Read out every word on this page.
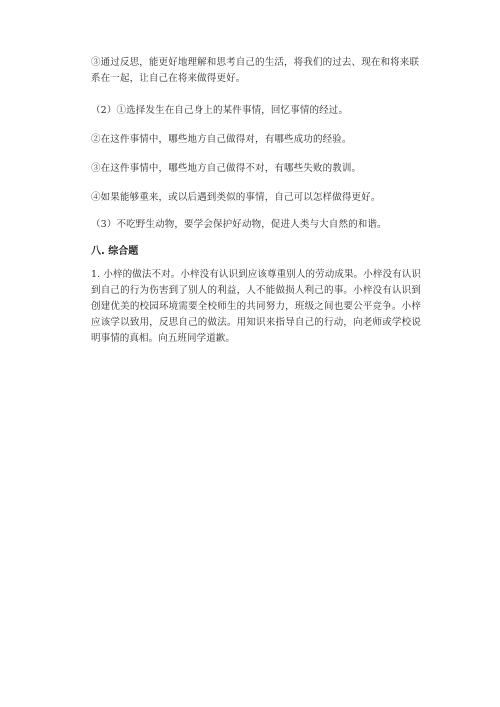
③通过反思，能更好地理解和思考自己的生活，将我们的过去、现在和将来联系在一起，让自己在将来做得更好。

（2）①选择发生在自己身上的某件事情，回忆事情的经过。

②在这件事情中，哪些地方自己做得对，有哪些成功的经验。

③在这件事情中，哪些地方自己做得不对，有哪些失败的教训。

④如果能够重来，或以后遇到类似的事情，自己可以怎样做得更好。

（3）不吃野生动物，要学会保护好动物，促进人类与大自然的和谐。

八. 综合题

1. 小梓的做法不对。小梓没有认识到应该尊重别人的劳动成果。小梓没有认识到自己的行为伤害到了别人的利益，人不能做损人利己的事。小梓没有认识到创建优美的校园环境需要全校师生的共同努力，班级之间也要公平竞争。小梓应该学以致用，反思自己的做法。用知识来指导自己的行动，向老师或学校说明事情的真相。向五班同学道歉。
